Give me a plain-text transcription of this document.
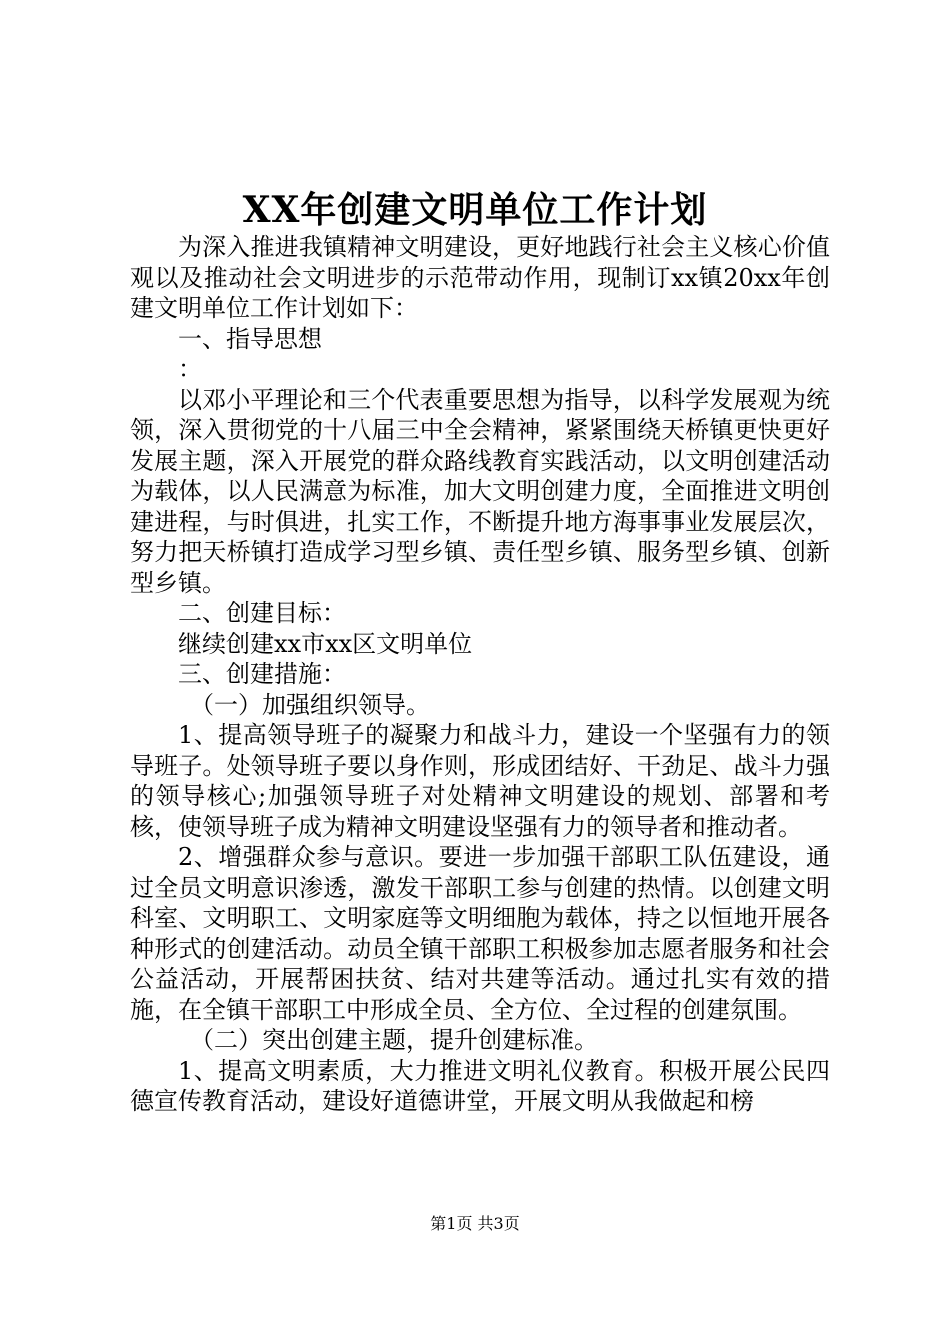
XX年创建文明单位工作计划

为深入推进我镇精神文明建设，更好地践行社会主义核心价值观以及推动社会文明进步的示范带动作用，现制订xx镇20xx年创建文明单位工作计划如下：

一、指导思想

：

以邓小平理论和三个代表重要思想为指导，以科学发展观为统领，深入贯彻党的十八届三中全会精神，紧紧围绕天桥镇更快更好发展主题，深入开展党的群众路线教育实践活动，以文明创建活动为载体，以人民满意为标准，加大文明创建力度，全面推进文明创建进程，与时俱进，扎实工作，不断提升地方海事事业发展层次，努力把天桥镇打造成学习型乡镇、责任型乡镇、服务型乡镇、创新型乡镇。

二、创建目标：

继续创建xx市xx区文明单位

三、创建措施：

（一）加强组织领导。

1、提高领导班子的凝聚力和战斗力，建设一个坚强有力的领导班子。处领导班子要以身作则，形成团结好、干劲足、战斗力强的领导核心;加强领导班子对处精神文明建设的规划、部署和考核，使领导班子成为精神文明建设坚强有力的领导者和推动者。

2、增强群众参与意识。要进一步加强干部职工队伍建设，通过全员文明意识渗透，激发干部职工参与创建的热情。以创建文明科室、文明职工、文明家庭等文明细胞为载体，持之以恒地开展各种形式的创建活动。动员全镇干部职工积极参加志愿者服务和社会公益活动，开展帮困扶贫、结对共建等活动。通过扎实有效的措施，在全镇干部职工中形成全员、全方位、全过程的创建氛围。

（二）突出创建主题，提升创建标准。

1、提高文明素质，大力推进文明礼仪教育。积极开展公民四德宣传教育活动，建设好道德讲堂，开展文明从我做起和榜

第1页 共3页
